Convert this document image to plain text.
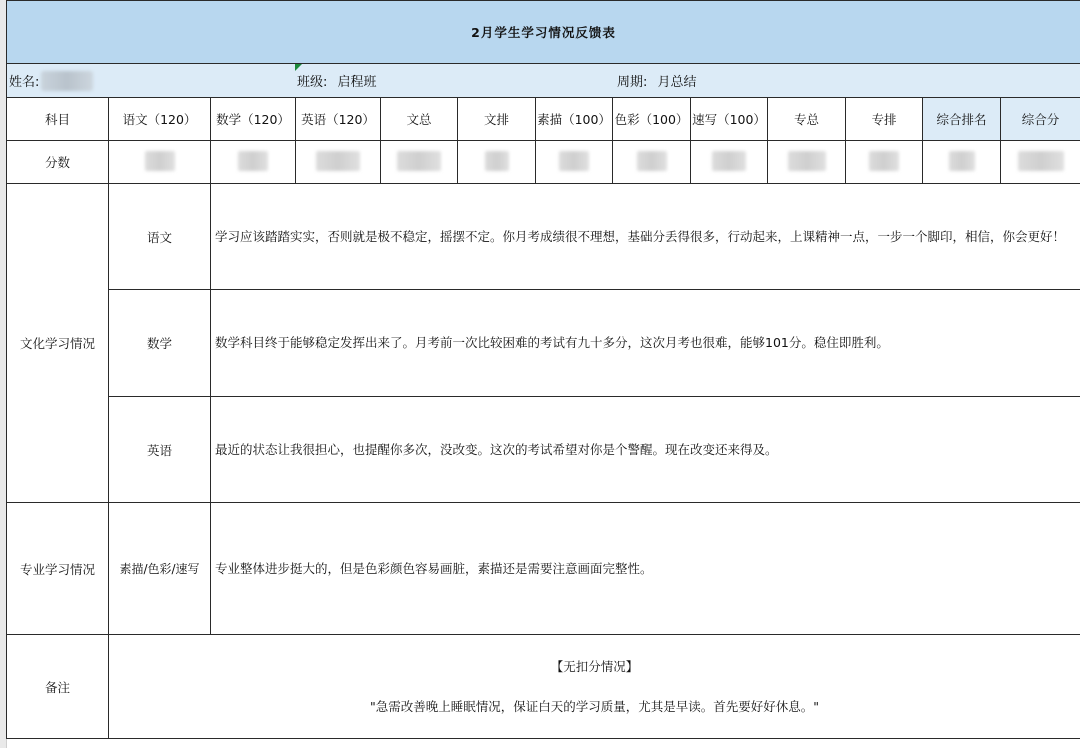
2月学生学习情况反馈表												

姓名: 班级: 启程班 周期: 月总结												

科目	语文（120）	数学（120）	英语（120）	文总	文排	素描（100）	色彩（100）	速写（100）	专总	专排	综合排名	综合分
分数												
文化学习情况	语文	学习应该踏踏实实，否则就是极不稳定，摇摆不定。你月考成绩很不理想，基础分丢得很多，行动起来，上课精神一点，一步一个脚印，相信，你会更好！										
	数学	数学科目终于能够稳定发挥出来了。月考前一次比较困难的考试有九十多分，这次月考也很难，能够101分。稳住即胜利。										
	英语	最近的状态让我很担心，也提醒你多次，没改变。这次的考试希望对你是个警醒。现在改变还来得及。										
专业学习情况	素描/色彩/速写	专业整体进步挺大的，但是色彩颜色容易画脏，素描还是需要注意画面完整性。										
备注	【无扣分情况】
"急需改善晚上睡眠情况，保证白天的学习质量，尤其是早读。首先要好好休息。"											
